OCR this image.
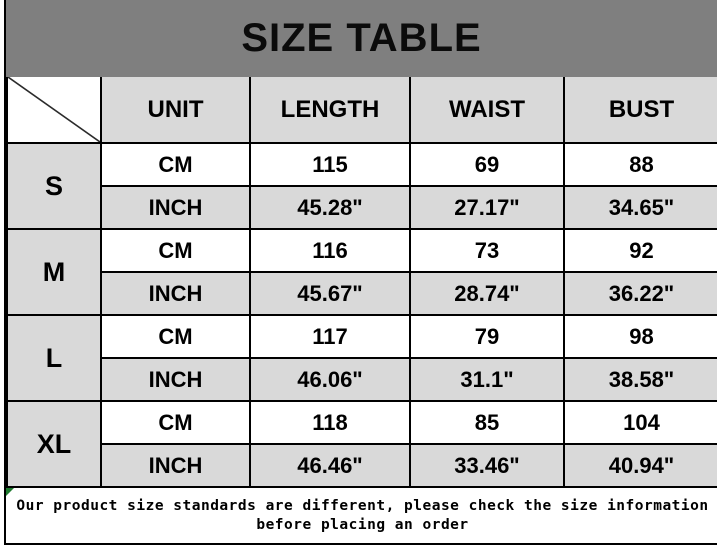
SIZE TABLE
	UNIT	LENGTH	WAIST	BUST
S	CM	115	69	88
	INCH	45.28"	27.17"	34.65"
M	CM	116	73	92
	INCH	45.67"	28.74"	36.22"
L	CM	117	79	98
	INCH	46.06"	31.1"	38.58"
XL	CM	118	85	104
	INCH	46.46"	33.46"	40.94"
Our product size standards are different, please check the size information
before placing an order
